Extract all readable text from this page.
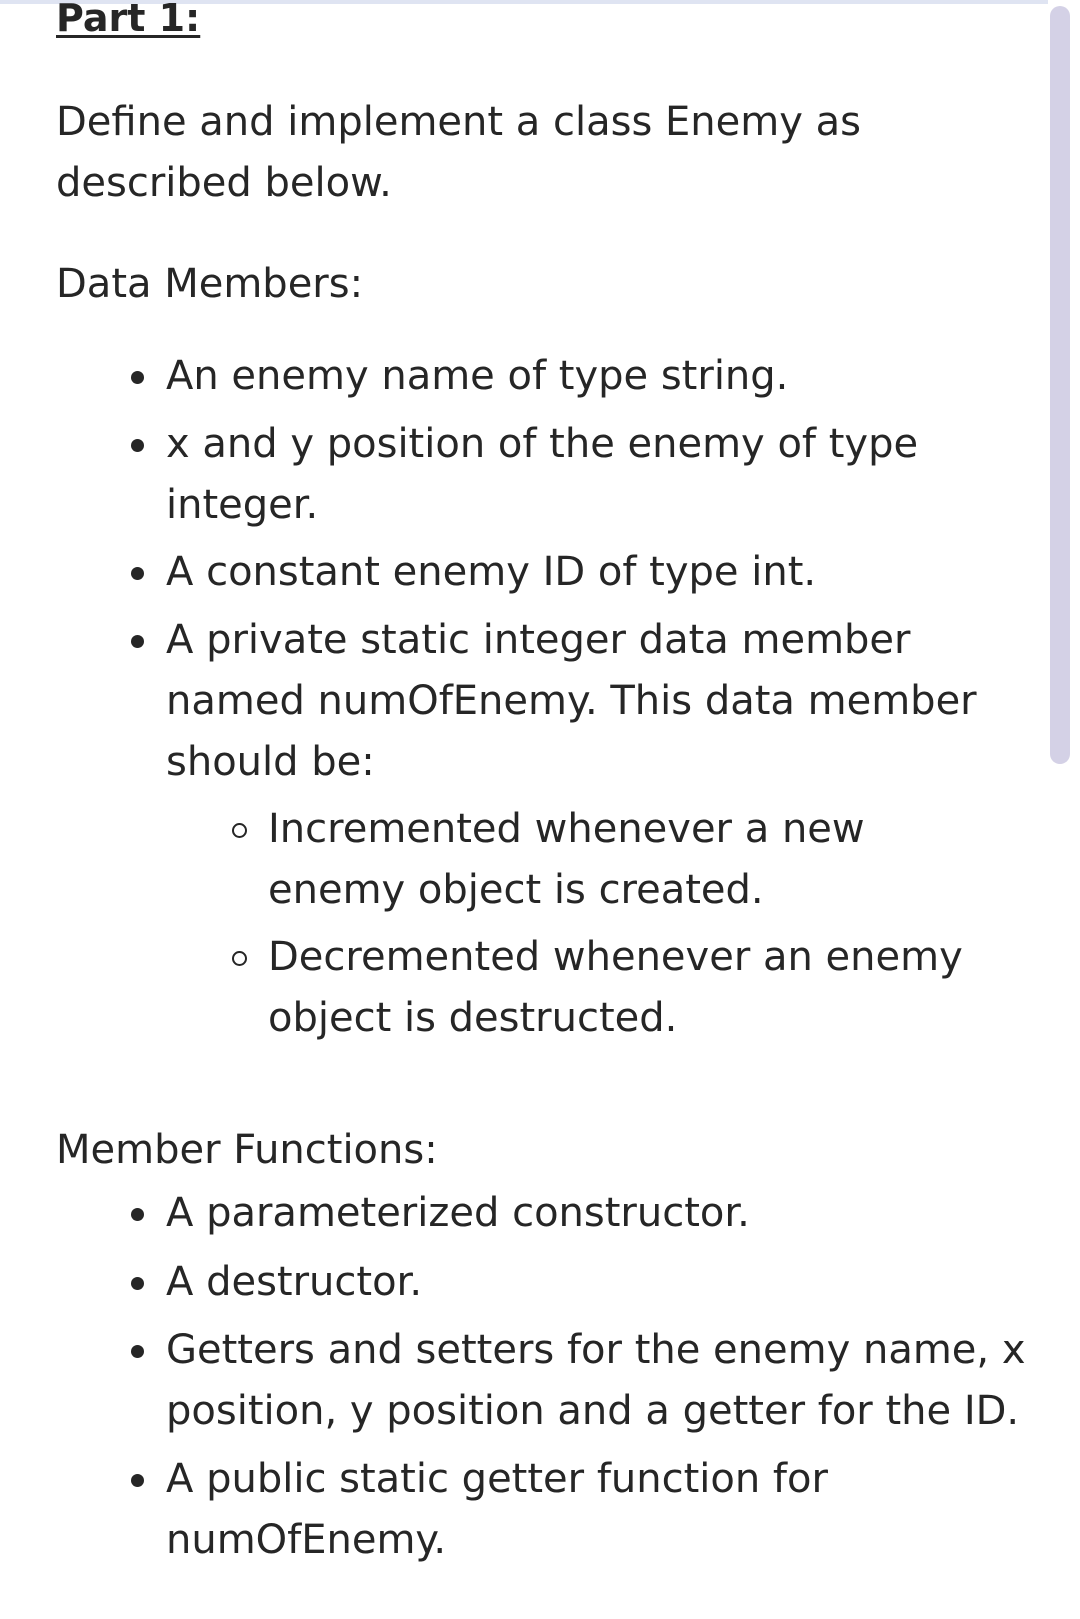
Part 1:

Define and implement a class Enemy as described below.

Data Members:

An enemy name of type string.
x and y position of the enemy of type integer.
A constant enemy ID of type int.
A private static integer data member named numOfEnemy. This data member should be:
Incremented whenever a new enemy object is created.
Decremented whenever an enemy object is destructed.

Member Functions:

A parameterized constructor.
A destructor.
Getters and setters for the enemy name, x position, y position and a getter for the ID.
A public static getter function for numOfEnemy.
